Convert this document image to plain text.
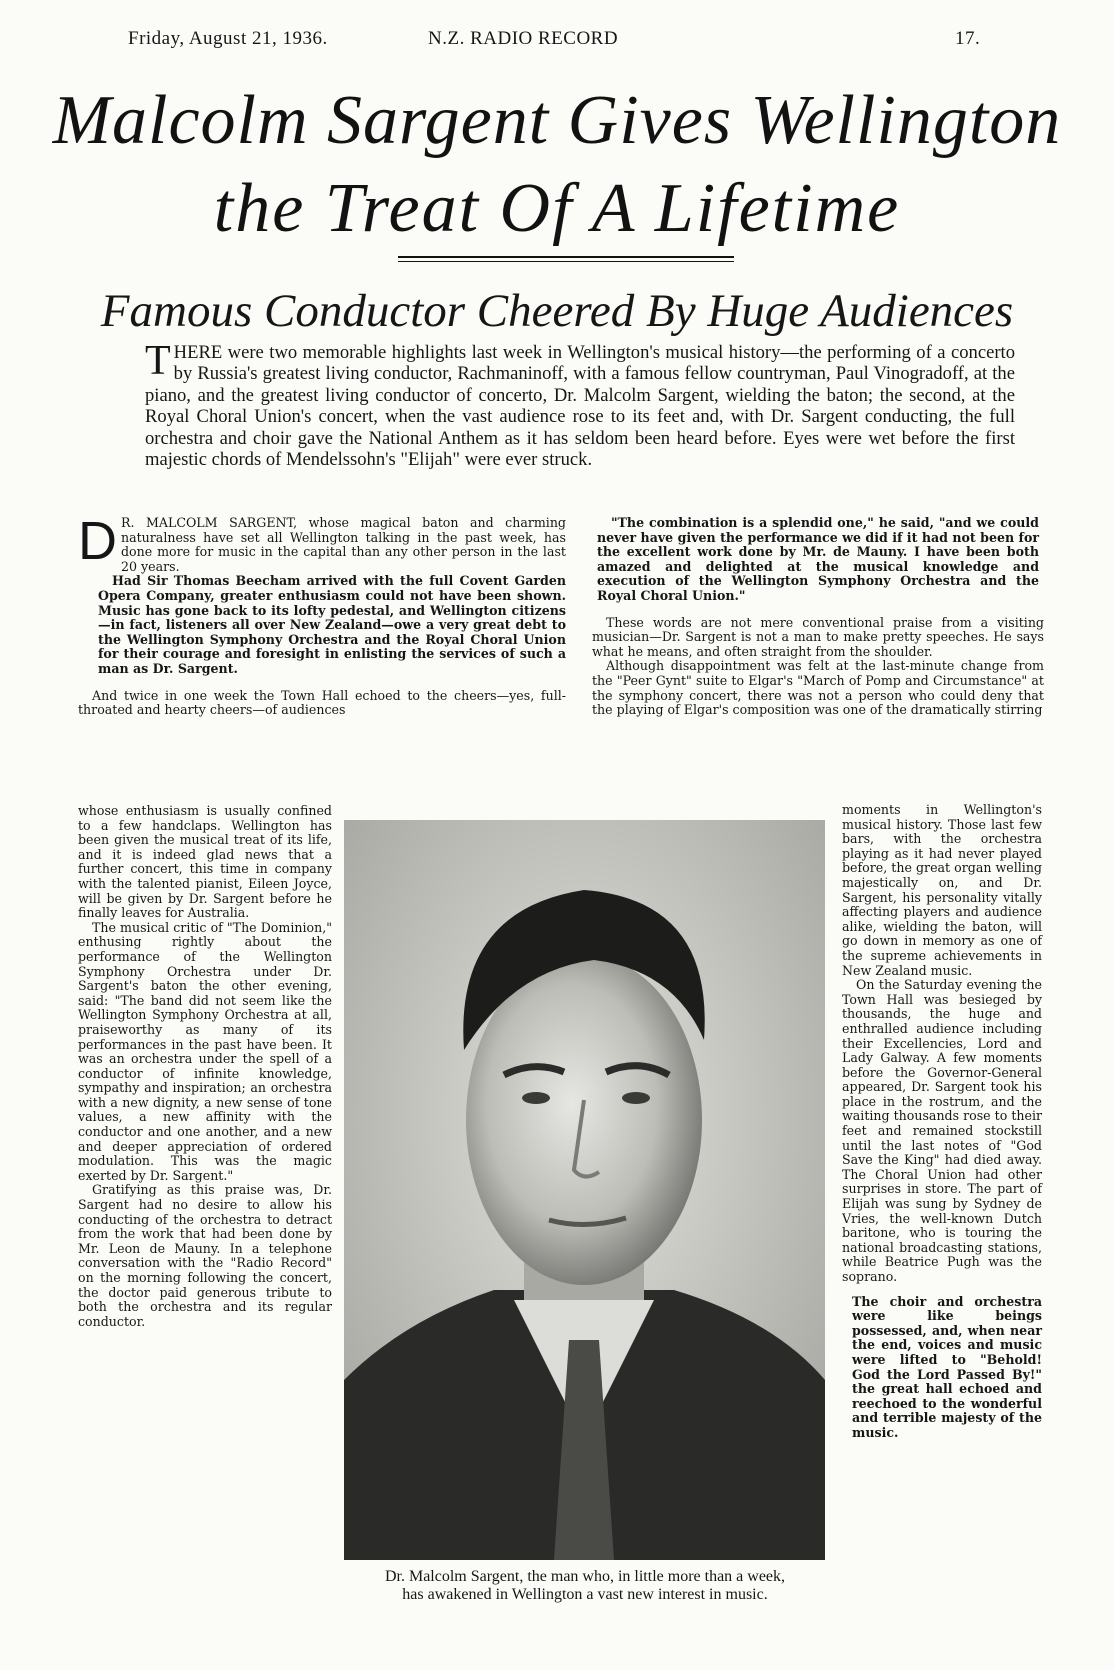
Friday, August 21, 1936.	N.Z. RADIO RECORD	17.
Malcolm Sargent Gives Wellington
the Treat Of A Lifetime
Famous Conductor Cheered By Huge Audiences
THERE were two memorable highlights last week in Wellington's musical history—the performing of a concerto by Russia's greatest living conductor, Rachmaninoff, with a famous fellow countryman, Paul Vinogradoff, at the piano, and the greatest living conductor of concerto, Dr. Malcolm Sargent, wielding the baton; the second, at the Royal Choral Union's concert, when the vast audience rose to its feet and, with Dr. Sargent conducting, the full orchestra and choir gave the National Anthem as it has seldom been heard before. Eyes were wet before the first majestic chords of Mendelssohn's "Elijah" were ever struck.

D R. MALCOLM SARGENT, whose magical baton and charming naturalness have set all Wellington talking in the past week, has done more for music in the capital than any other person in the last 20 years.

Had Sir Thomas Beecham arrived with the full Covent Garden Opera Company, greater enthusiasm could not have been shown. Music has gone back to its lofty pedestal, and Wellington citizens—in fact, listeners all over New Zealand—owe a very great debt to the Wellington Symphony Orchestra and the Royal Choral Union for their courage and foresight in enlisting the services of such a man as Dr. Sargent.

And twice in one week the Town Hall echoed to the cheers—yes, full-throated and hearty cheers—of audiences

whose enthusiasm is usually confined to a few handclaps. Wellington has been given the musical treat of its life, and it is indeed glad news that a further concert, this time in company with the talented pianist, Eileen Joyce, will be given by Dr. Sargent before he finally leaves for Australia.

The musical critic of "The Dominion," enthusing rightly about the performance of the Wellington Symphony Orchestra under Dr. Sargent's baton the other evening, said: "The band did not seem like the Wellington Symphony Orchestra at all, praiseworthy as many of its performances in the past have been. It was an orchestra under the spell of a conductor of infinite knowledge, sympathy and inspiration; an orchestra with a new dignity, a new sense of tone values, a new affinity with the conductor and one another, and a new and deeper appreciation of ordered modulation. This was the magic exerted by Dr. Sargent."

Gratifying as this praise was, Dr. Sargent had no desire to allow his conducting of the orchestra to detract from the work that had been done by Mr. Leon de Mauny. In a telephone conversation with the "Radio Record" on the morning following the concert, the doctor paid generous tribute to both the orchestra and its regular conductor.

"The combination is a splendid one," he said, "and we could never have given the performance we did if it had not been for the excellent work done by Mr. de Mauny. I have been both amazed and delighted at the musical knowledge and execution of the Wellington Symphony Orchestra and the Royal Choral Union."

These words are not mere conventional praise from a visiting musician—Dr. Sargent is not a man to make pretty speeches. He says what he means, and often straight from the shoulder.

Although disappointment was felt at the last-minute change from the "Peer Gynt" suite to Elgar's "March of Pomp and Circumstance" at the symphony concert, there was not a person who could deny that the playing of Elgar's composition was one of the dramatically stirring

moments in Wellington's musical history. Those last few bars, with the orchestra playing as it had never played before, the great organ welling majestically on, and Dr. Sargent, his personality vitally affecting players and audience alike, wielding the baton, will go down in memory as one of the supreme achievements in New Zealand music.

On the Saturday evening the Town Hall was besieged by thousands, the huge and enthralled audience including their Excellencies, Lord and Lady Galway. A few moments before the Governor-General appeared, Dr. Sargent took his place in the rostrum, and the waiting thousands rose to their feet and remained stockstill until the last notes of "God Save the King" had died away. The Choral Union had other surprises in store. The part of Elijah was sung by Sydney de Vries, the well-known Dutch baritone, who is touring the national broadcasting stations, while Beatrice Pugh was the soprano.

The choir and orchestra were like beings possessed, and, when near the end, voices and music were lifted to "Behold! God the Lord Passed By!" the great hall echoed and reechoed to the wonderful and terrible majesty of the music.

Dr. Malcolm Sargent, the man who, in little more than a week,
has awakened in Wellington a vast new interest in music.
